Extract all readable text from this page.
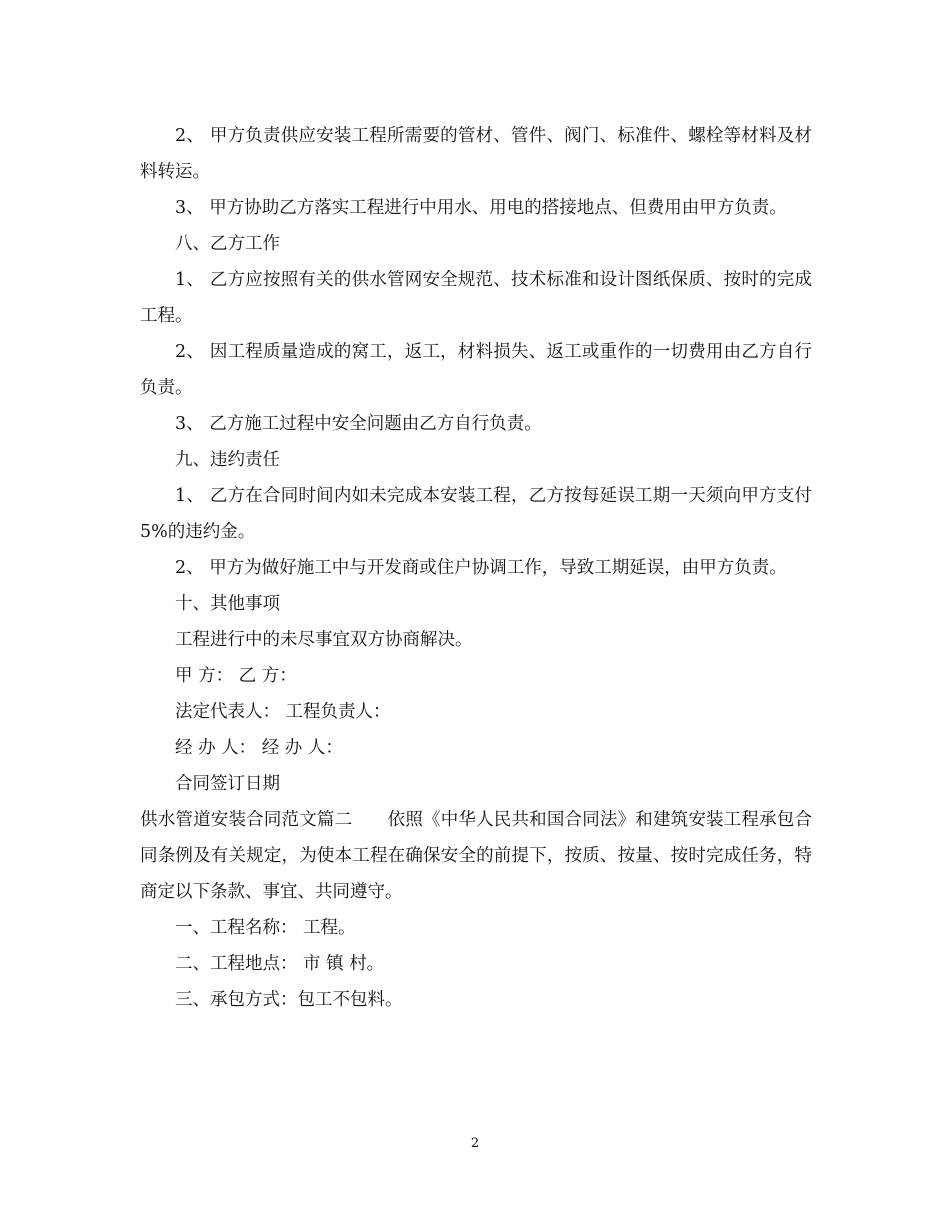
2、 甲方负责供应安装工程所需要的管材、管件、阀门、标准件、螺栓等材料及材料转运。

3、 甲方协助乙方落实工程进行中用水、用电的搭接地点、但费用由甲方负责。

八、乙方工作

1、 乙方应按照有关的供水管网安全规范、技术标准和设计图纸保质、按时的完成工程。

2、 因工程质量造成的窝工，返工，材料损失、返工或重作的一切费用由乙方自行负责。

3、 乙方施工过程中安全问题由乙方自行负责。

九、违约责任

1、 乙方在合同时间内如未完成本安装工程，乙方按每延误工期一天须向甲方支付 5%的违约金。

2、 甲方为做好施工中与开发商或住户协调工作，导致工期延误，由甲方负责。

十、其他事项

工程进行中的未尽事宜双方协商解决。

甲 方： 乙 方：

法定代表人： 工程负责人：

经 办 人： 经 办 人：

合同签订日期

供水管道安装合同范文篇二　　依照《中华人民共和国合同法》和建筑安装工程承包合同条例及有关规定，为使本工程在确保安全的前提下，按质、按量、按时完成任务，特商定以下条款、事宜、共同遵守。

一、工程名称： 工程。

二、工程地点： 市 镇 村。

三、承包方式：包工不包料。

2
